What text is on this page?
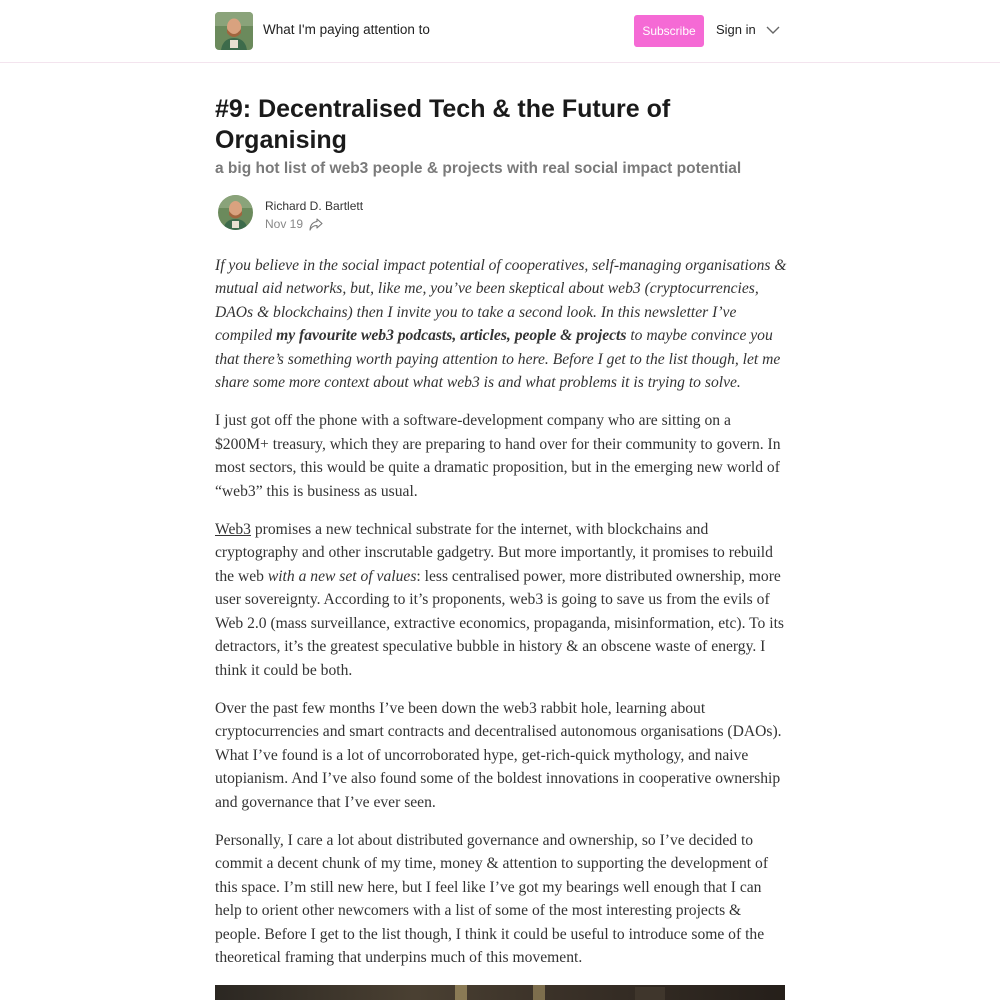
What I'm paying attention to	Subscribe	Sign in
#9: Decentralised Tech & the Future of Organising
a big hot list of web3 people & projects with real social impact potential
Richard D. Bartlett
Nov 19

If you believe in the social impact potential of cooperatives, self-managing organisations & mutual aid networks, but, like me, you’ve been skeptical about web3 (cryptocurrencies, DAOs & blockchains) then I invite you to take a second look. In this newsletter I’ve compiled my favourite web3 podcasts, articles, people & projects to maybe convince you that there’s something worth paying attention to here. Before I get to the list though, let me share some more context about what web3 is and what problems it is trying to solve.

I just got off the phone with a software-development company who are sitting on a $200M+ treasury, which they are preparing to hand over for their community to govern. In most sectors, this would be quite a dramatic proposition, but in the emerging new world of “web3” this is business as usual.

Web3 promises a new technical substrate for the internet, with blockchains and cryptography and other inscrutable gadgetry. But more importantly, it promises to rebuild the web with a new set of values: less centralised power, more distributed ownership, more user sovereignty. According to it’s proponents, web3 is going to save us from the evils of Web 2.0 (mass surveillance, extractive economics, propaganda, misinformation, etc). To its detractors, it’s the greatest speculative bubble in history & an obscene waste of energy. I think it could be both.

Over the past few months I’ve been down the web3 rabbit hole, learning about cryptocurrencies and smart contracts and decentralised autonomous organisations (DAOs). What I’ve found is a lot of uncorroborated hype, get-rich-quick mythology, and naive utopianism. And I’ve also found some of the boldest innovations in cooperative ownership and governance that I’ve ever seen.

Personally, I care a lot about distributed governance and ownership, so I’ve decided to commit a decent chunk of my time, money & attention to supporting the development of this space. I’m still new here, but I feel like I’ve got my bearings well enough that I can help to orient other newcomers with a list of some of the most interesting projects & people. Before I get to the list though, I think it could be useful to introduce some of the theoretical framing that underpins much of this movement.
